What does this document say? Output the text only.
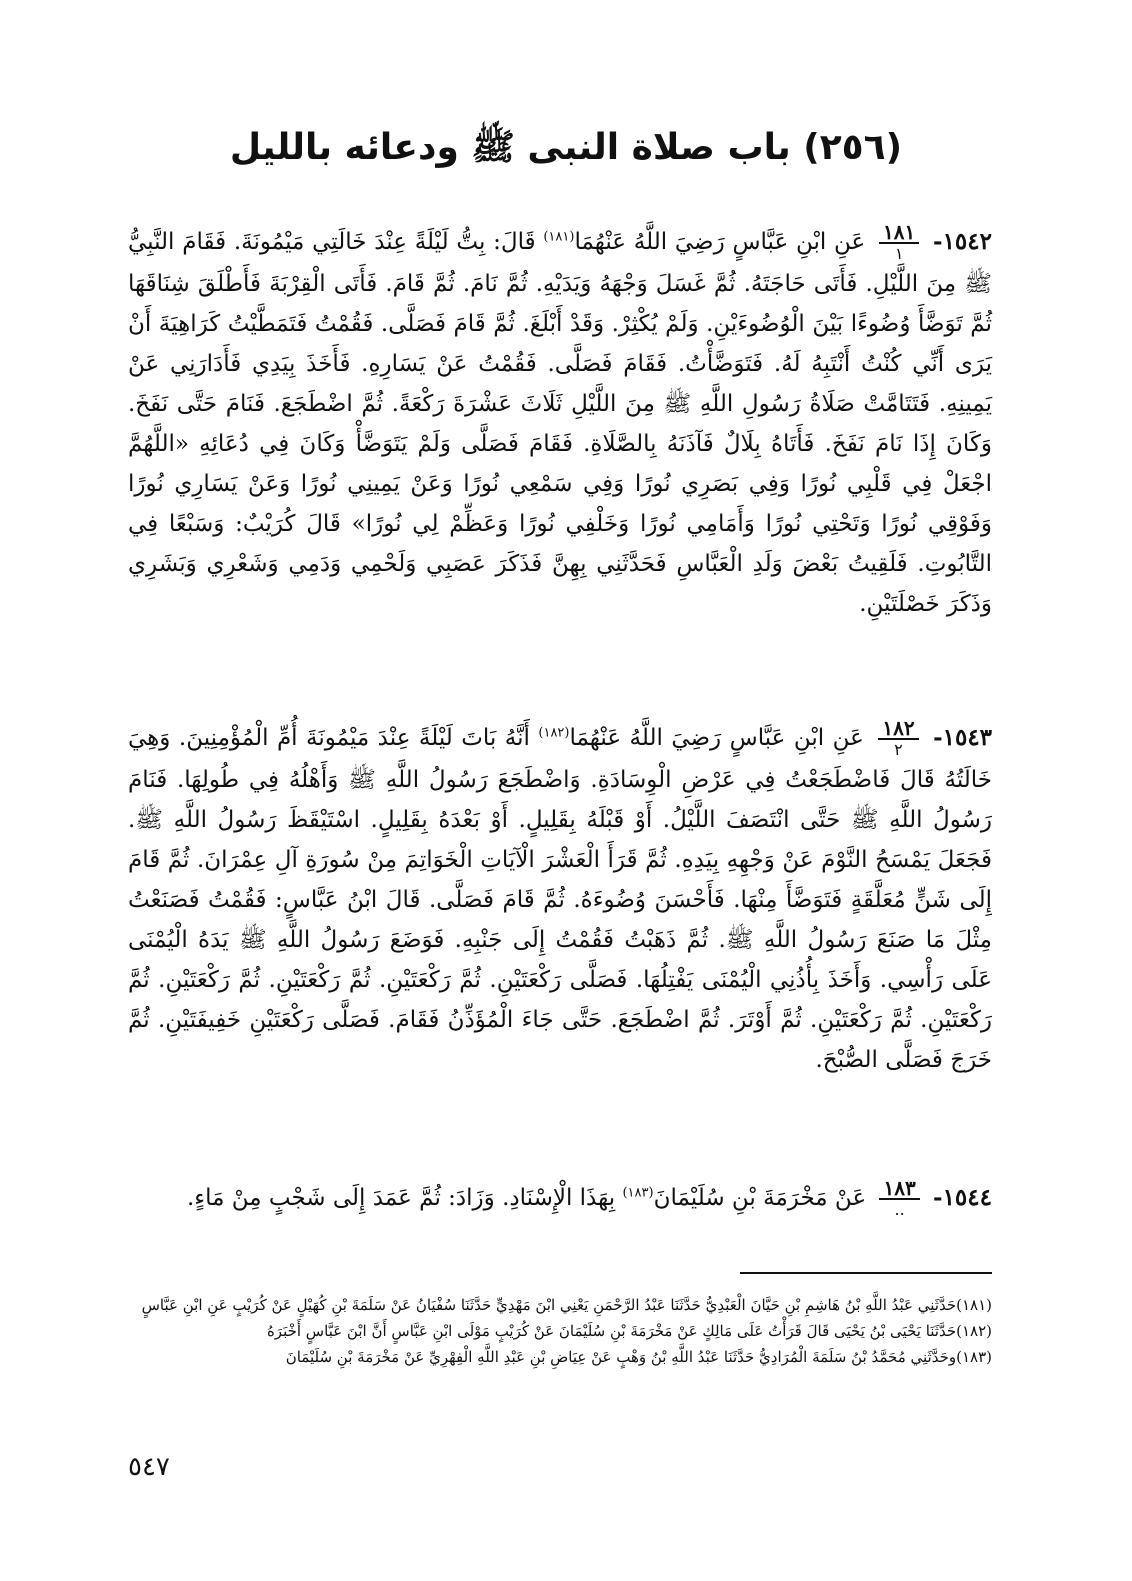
(٢٥٦) باب صلاة النبى ﷺ ودعائه بالليل

١٥٤٢-
$\frac{١٨١}{١}$
عَنِ ابْنِ عَبَّاسٍ رَضِيَ اللَّهُ عَنْهُمَا$^{(١٨١)}$ قَالَ: بِتُّ لَيْلَةً عِنْدَ خَالَتِي مَيْمُونَةَ. فَقَامَ النَّبِيُّ ﷺ مِنَ اللَّيْلِ. فَأَتَى حَاجَتَهُ. ثُمَّ غَسَلَ وَجْهَهُ وَيَدَيْهِ. ثُمَّ نَامَ. ثُمَّ قَامَ. فَأَتَى الْقِرْبَةَ فَأَطْلَقَ شِنَاقَهَا ثُمَّ تَوَضَّأَ وُضُوءًا بَيْنَ الْوُضُوءَيْنِ. وَلَمْ يُكْثِرْ. وَقَدْ أَبْلَغَ. ثُمَّ قَامَ فَصَلَّى. فَقُمْتُ فَتَمَطَّيْتُ كَرَاهِيَةَ أَنْ يَرَى أَنِّي كُنْتُ أَنْتَبِهُ لَهُ. فَتَوَضَّأْتُ. فَقَامَ فَصَلَّى. فَقُمْتُ عَنْ يَسَارِهِ. فَأَخَذَ بِيَدِي فَأَدَارَنِي عَنْ يَمِينِهِ. فَتَتَامَّتْ صَلَاةُ رَسُولِ اللَّهِ ﷺ مِنَ اللَّيْلِ ثَلَاثَ عَشْرَةَ رَكْعَةً. ثُمَّ اضْطَجَعَ. فَنَامَ حَتَّى نَفَخَ. وَكَانَ إِذَا نَامَ نَفَخَ. فَأَتَاهُ بِلَالٌ فَآذَنَهُ بِالصَّلَاةِ. فَقَامَ فَصَلَّى وَلَمْ يَتَوَضَّأْ وَكَانَ فِي دُعَائِهِ «اللَّهُمَّ اجْعَلْ فِي قَلْبِي نُورًا وَفِي بَصَرِي نُورًا وَفِي سَمْعِي نُورًا وَعَنْ يَمِينِي نُورًا وَعَنْ يَسَارِي نُورًا وَفَوْقِي نُورًا وَتَحْتِي نُورًا وَأَمَامِي نُورًا وَخَلْفِي نُورًا وَعَظِّمْ لِي نُورًا» قَالَ كُرَيْبٌ: وَسَبْعًا فِي التَّابُوتِ. فَلَقِيتُ بَعْضَ وَلَدِ الْعَبَّاسِ فَحَدَّثَنِي بِهِنَّ فَذَكَرَ عَصَبِي وَلَحْمِي وَدَمِي وَشَعْرِي وَبَشَرِي وَذَكَرَ خَصْلَتَيْنِ.

١٥٤٣-
$\frac{١٨٢}{٢}$
عَنِ ابْنِ عَبَّاسٍ رَضِيَ اللَّهُ عَنْهُمَا$^{(١٨٢)}$ أَنَّهُ بَاتَ لَيْلَةً عِنْدَ مَيْمُونَةَ أُمِّ الْمُؤْمِنِينَ. وَهِيَ خَالَتُهُ قَالَ فَاضْطَجَعْتُ فِي عَرْضِ الْوِسَادَةِ. وَاضْطَجَعَ رَسُولُ اللَّهِ ﷺ وَأَهْلُهُ فِي طُولِهَا. فَنَامَ رَسُولُ اللَّهِ ﷺ حَتَّى انْتَصَفَ اللَّيْلُ. أَوْ قَبْلَهُ بِقَلِيلٍ. أَوْ بَعْدَهُ بِقَلِيلٍ. اسْتَيْقَظَ رَسُولُ اللَّهِ ﷺ. فَجَعَلَ يَمْسَحُ النَّوْمَ عَنْ وَجْهِهِ بِيَدِهِ. ثُمَّ قَرَأَ الْعَشْرَ الْآيَاتِ الْخَوَاتِمَ مِنْ سُورَةِ آلِ عِمْرَانَ. ثُمَّ قَامَ إِلَى شَنٍّ مُعَلَّقَةٍ فَتَوَضَّأَ مِنْهَا. فَأَحْسَنَ وُضُوءَهُ. ثُمَّ قَامَ فَصَلَّى. قَالَ ابْنُ عَبَّاسٍ: فَقُمْتُ فَصَنَعْتُ مِثْلَ مَا صَنَعَ رَسُولُ اللَّهِ ﷺ. ثُمَّ ذَهَبْتُ فَقُمْتُ إِلَى جَنْبِهِ. فَوَضَعَ رَسُولُ اللَّهِ ﷺ يَدَهُ الْيُمْنَى عَلَى رَأْسِي. وَأَخَذَ بِأُذُنِي الْيُمْنَى يَفْتِلُهَا. فَصَلَّى رَكْعَتَيْنِ. ثُمَّ رَكْعَتَيْنِ. ثُمَّ رَكْعَتَيْنِ. ثُمَّ رَكْعَتَيْنِ. ثُمَّ رَكْعَتَيْنِ. ثُمَّ رَكْعَتَيْنِ. ثُمَّ أَوْتَرَ. ثُمَّ اضْطَجَعَ. حَتَّى جَاءَ الْمُؤَذِّنُ فَقَامَ. فَصَلَّى رَكْعَتَيْنِ خَفِيفَتَيْنِ. ثُمَّ خَرَجَ فَصَلَّى الصُّبْحَ.

١٥٤٤-
$\frac{١٨٣}{..}$
عَنْ مَخْرَمَةَ بْنِ سُلَيْمَانَ$^{(١٨٣)}$ بِهَذَا الْإِسْنَادِ. وَزَادَ: ثُمَّ عَمَدَ إِلَى شَجْبٍ مِنْ مَاءٍ.

(١٨١)حَدَّثَنِي عَبْدُ اللَّهِ بْنُ هَاشِمِ بْنِ حَيَّانَ الْعَبْدِيُّ حَدَّثَنَا عَبْدُ الرَّحْمَنِ يَعْنِي ابْنَ مَهْدِيٍّ حَدَّثَنَا سُفْيَانُ عَنْ سَلَمَةَ بْنِ كُهَيْلٍ عَنْ كُرَيْبٍ عَنِ ابْنِ عَبَّاسٍ

(١٨٢)حَدَّثَنَا يَحْيَى بْنُ يَحْيَى قَالَ قَرَأْتُ عَلَى مَالِكٍ عَنْ مَخْرَمَةَ بْنِ سُلَيْمَانَ عَنْ كُرَيْبٍ مَوْلَى ابْنِ عَبَّاسٍ أَنَّ ابْنَ عَبَّاسٍ أَخْبَرَهُ

(١٨٣)وحَدَّثَنِي مُحَمَّدُ بْنُ سَلَمَةَ الْمُرَادِيُّ حَدَّثَنَا عَبْدُ اللَّهِ بْنُ وَهْبٍ عَنْ عِيَاضِ بْنِ عَبْدِ اللَّهِ الْفِهْرِيِّ عَنْ مَخْرَمَةَ بْنِ سُلَيْمَانَ

٥٤٧
